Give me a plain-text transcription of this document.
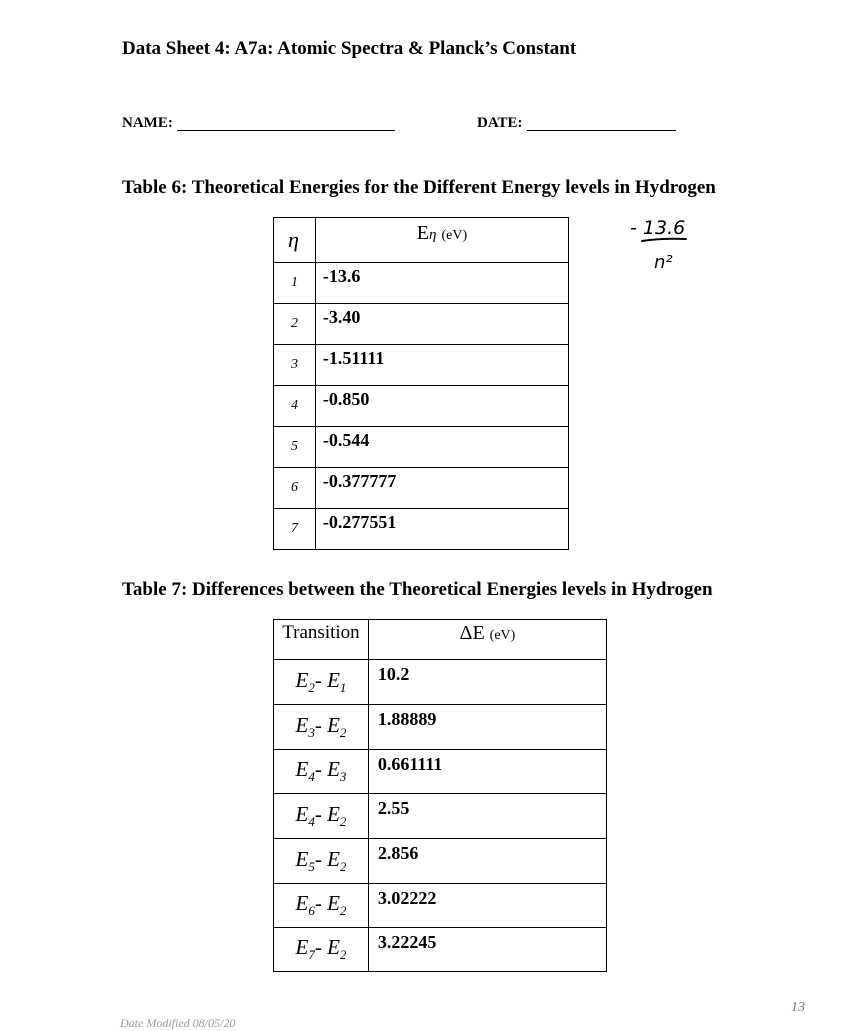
Data Sheet 4: A7a: Atomic Spectra & Planck’s Constant
NAME:	DATE:
Table 6: Theoretical Energies for the Different Energy levels in Hydrogen
η	Eη (eV)
1	-13.6
2	-3.40
3	-1.51111
4	-0.850
5	-0.544
6	-0.377777
7	-0.277551
- 13.6
n²
Table 7: Differences between the Theoretical Energies levels in Hydrogen
Transition	ΔE (eV)
$E_2-$ $E_1$	10.2
$E_3-$ $E_2$	1.88889
$E_4-$ $E_3$	0.661111
$E_4-$ $E_2$	2.55
$E_5-$ $E_2$	2.856
$E_6-$ $E_2$	3.02222
$E_7-$ $E_2$	3.22245
13
Date Modified 08/05/20
